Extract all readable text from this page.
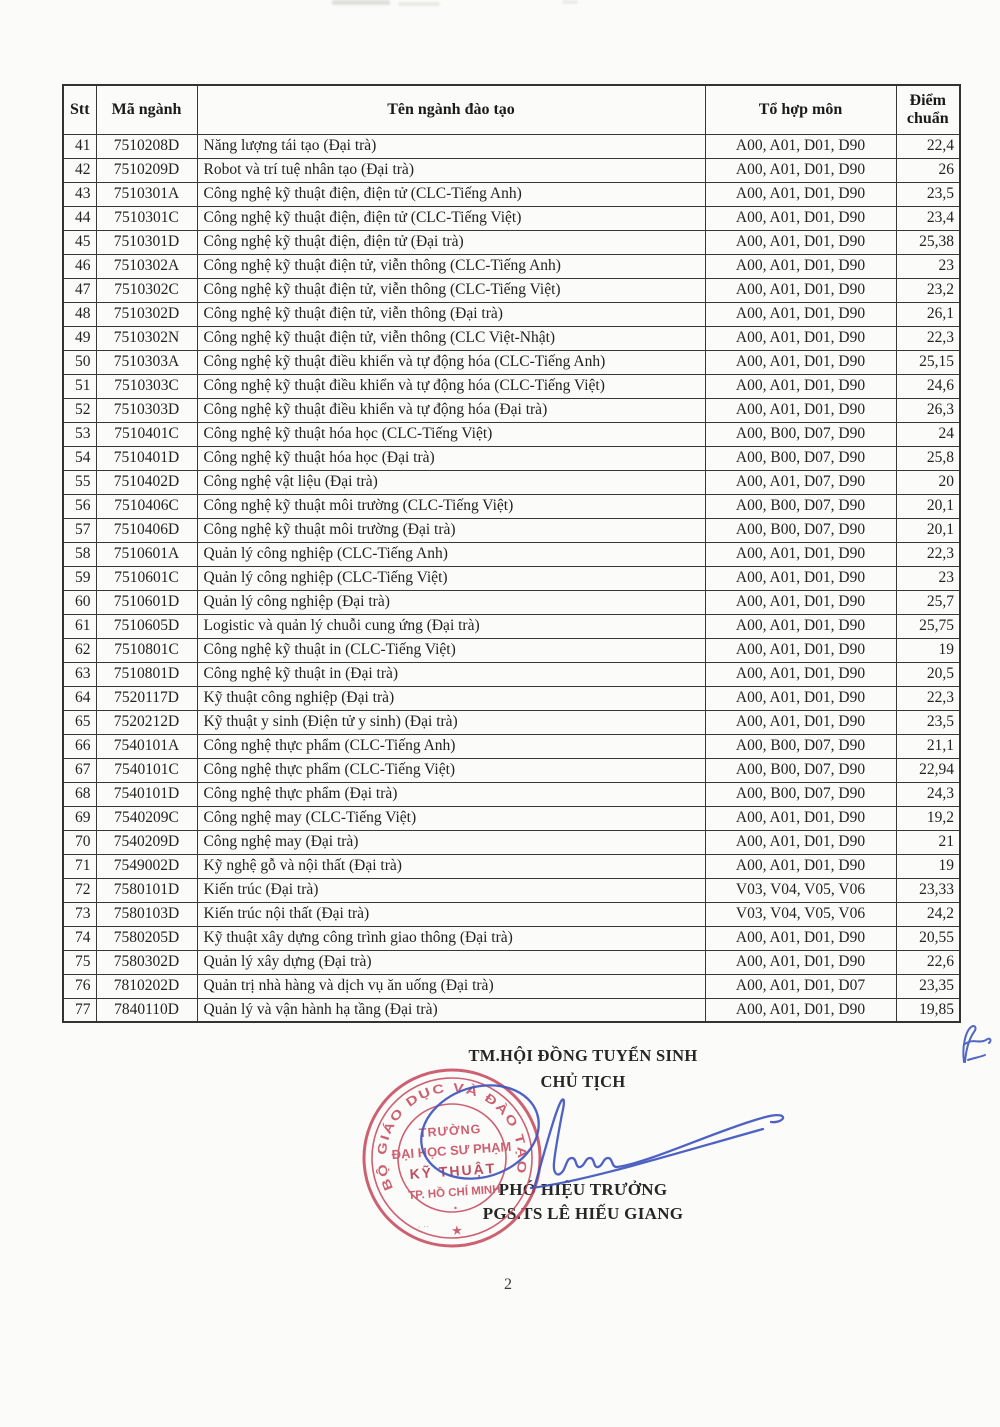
Stt	Mã ngành	Tên ngành đào tạo	Tổ hợp môn	Điểm chuẩn
41	7510208D	Năng lượng tái tạo (Đại trà)	A00, A01, D01, D90	22,4
42	7510209D	Robot và trí tuệ nhân tạo (Đại trà)	A00, A01, D01, D90	26
43	7510301A	Công nghệ kỹ thuật điện, điện tử (CLC-Tiếng Anh)	A00, A01, D01, D90	23,5
44	7510301C	Công nghệ kỹ thuật điện, điện tử (CLC-Tiếng Việt)	A00, A01, D01, D90	23,4
45	7510301D	Công nghệ kỹ thuật điện, điện tử (Đại trà)	A00, A01, D01, D90	25,38
46	7510302A	Công nghệ kỹ thuật điện tử, viễn thông (CLC-Tiếng Anh)	A00, A01, D01, D90	23
47	7510302C	Công nghệ kỹ thuật điện tử, viễn thông (CLC-Tiếng Việt)	A00, A01, D01, D90	23,2
48	7510302D	Công nghệ kỹ thuật điện tử, viễn thông (Đại trà)	A00, A01, D01, D90	26,1
49	7510302N	Công nghệ kỹ thuật điện tử, viễn thông (CLC Việt-Nhật)	A00, A01, D01, D90	22,3
50	7510303A	Công nghệ kỹ thuật điều khiển và tự động hóa (CLC-Tiếng Anh)	A00, A01, D01, D90	25,15
51	7510303C	Công nghệ kỹ thuật điều khiển và tự động hóa (CLC-Tiếng Việt)	A00, A01, D01, D90	24,6
52	7510303D	Công nghệ kỹ thuật điều khiển và tự động hóa (Đại trà)	A00, A01, D01, D90	26,3
53	7510401C	Công nghệ kỹ thuật hóa học (CLC-Tiếng Việt)	A00, B00, D07, D90	24
54	7510401D	Công nghệ kỹ thuật hóa học (Đại trà)	A00, B00, D07, D90	25,8
55	7510402D	Công nghệ vật liệu (Đại trà)	A00, A01, D07, D90	20
56	7510406C	Công nghệ kỹ thuật môi trường (CLC-Tiếng Việt)	A00, B00, D07, D90	20,1
57	7510406D	Công nghệ kỹ thuật môi trường (Đại trà)	A00, B00, D07, D90	20,1
58	7510601A	Quản lý công nghiệp (CLC-Tiếng Anh)	A00, A01, D01, D90	22,3
59	7510601C	Quản lý công nghiệp (CLC-Tiếng Việt)	A00, A01, D01, D90	23
60	7510601D	Quản lý công nghiệp (Đại trà)	A00, A01, D01, D90	25,7
61	7510605D	Logistic và quản lý chuỗi cung ứng (Đại trà)	A00, A01, D01, D90	25,75
62	7510801C	Công nghệ kỹ thuật in (CLC-Tiếng Việt)	A00, A01, D01, D90	19
63	7510801D	Công nghệ kỹ thuật in (Đại trà)	A00, A01, D01, D90	20,5
64	7520117D	Kỹ thuật công nghiệp (Đại trà)	A00, A01, D01, D90	22,3
65	7520212D	Kỹ thuật y sinh (Điện tử y sinh) (Đại trà)	A00, A01, D01, D90	23,5
66	7540101A	Công nghệ thực phẩm (CLC-Tiếng Anh)	A00, B00, D07, D90	21,1
67	7540101C	Công nghệ thực phẩm (CLC-Tiếng Việt)	A00, B00, D07, D90	22,94
68	7540101D	Công nghệ thực phẩm (Đại trà)	A00, B00, D07, D90	24,3
69	7540209C	Công nghệ may (CLC-Tiếng Việt)	A00, A01, D01, D90	19,2
70	7540209D	Công nghệ may (Đại trà)	A00, A01, D01, D90	21
71	7549002D	Kỹ nghệ gỗ và nội thất (Đại trà)	A00, A01, D01, D90	19
72	7580101D	Kiến trúc (Đại trà)	V03, V04, V05, V06	23,33
73	7580103D	Kiến trúc nội thất (Đại trà)	V03, V04, V05, V06	24,2
74	7580205D	Kỹ thuật xây dựng công trình giao thông (Đại trà)	A00, A01, D01, D90	20,55
75	7580302D	Quản lý xây dựng (Đại trà)	A00, A01, D01, D90	22,6
76	7810202D	Quản trị nhà hàng và dịch vụ ăn uống (Đại trà)	A00, A01, D01, D07	23,35
77	7840110D	Quản lý và vận hành hạ tầng (Đại trà)	A00, A01, D01, D90	19,85
TM.HỘI ĐỒNG TUYỂN SINH
CHỦ TỊCH
PHÓ HIỆU TRƯỞNG
PGS.TS LÊ HIẾU GIANG
BỘ GIÁO DỤC VÀ ĐÀO TẠO
TRƯỜNG
ĐẠI HỌC SƯ PHẠM
KỸ THUẬT
TP. HỒ CHÍ MINH
•
★
· ··
2
